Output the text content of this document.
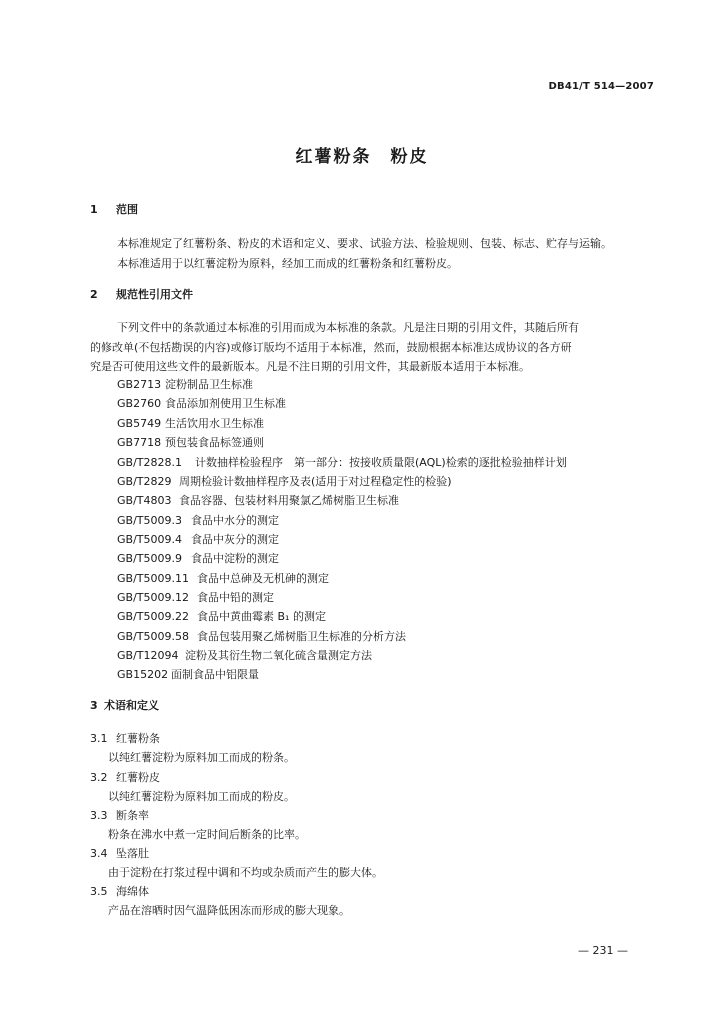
DB41/T 514—2007
红薯粉条　粉皮
1 范围
本标准规定了红薯粉条、粉皮的术语和定义、要求、试验方法、检验规则、包装、标志、贮存与运输。
本标准适用于以红薯淀粉为原料，经加工而成的红薯粉条和红薯粉皮。
2 规范性引用文件
下列文件中的条款通过本标准的引用而成为本标准的条款。凡是注日期的引用文件，其随后所有
的修改单(不包括勘误的内容)或修订版均不适用于本标准，然而，鼓励根据本标准达成协议的各方研
究是否可使用这些文件的最新版本。凡是不注日期的引用文件，其最新版本适用于本标准。
GB2713 淀粉制品卫生标准
GB2760 食品添加剂使用卫生标准
GB5749 生活饮用水卫生标准
GB7718 预包装食品标签通则
GB/T2828.1 计数抽样检验程序　第一部分：按接收质量限(AQL)检索的逐批检验抽样计划
GB/T2829 周期检验计数抽样程序及表(适用于对过程稳定性的检验)
GB/T4803 食品容器、包装材料用聚氯乙烯树脂卫生标准
GB/T5009.3 食品中水分的测定
GB/T5009.4 食品中灰分的测定
GB/T5009.9 食品中淀粉的测定
GB/T5009.11 食品中总砷及无机砷的测定
GB/T5009.12 食品中铅的测定
GB/T5009.22 食品中黄曲霉素 B₁ 的测定
GB/T5009.58 食品包装用聚乙烯树脂卫生标准的分析方法
GB/T12094 淀粉及其衍生物二氧化硫含量测定方法
GB15202 面制食品中铝限量
3 术语和定义
3.1 红薯粉条
以纯红薯淀粉为原料加工而成的粉条。
3.2 红薯粉皮
以纯红薯淀粉为原料加工而成的粉皮。
3.3 断条率
粉条在沸水中煮一定时间后断条的比率。
3.4 坠落肚
由于淀粉在打浆过程中调和不均或杂质而产生的膨大体。
3.5 海绵体
产品在溶晒时因气温降低困冻而形成的膨大现象。
— 231 —
